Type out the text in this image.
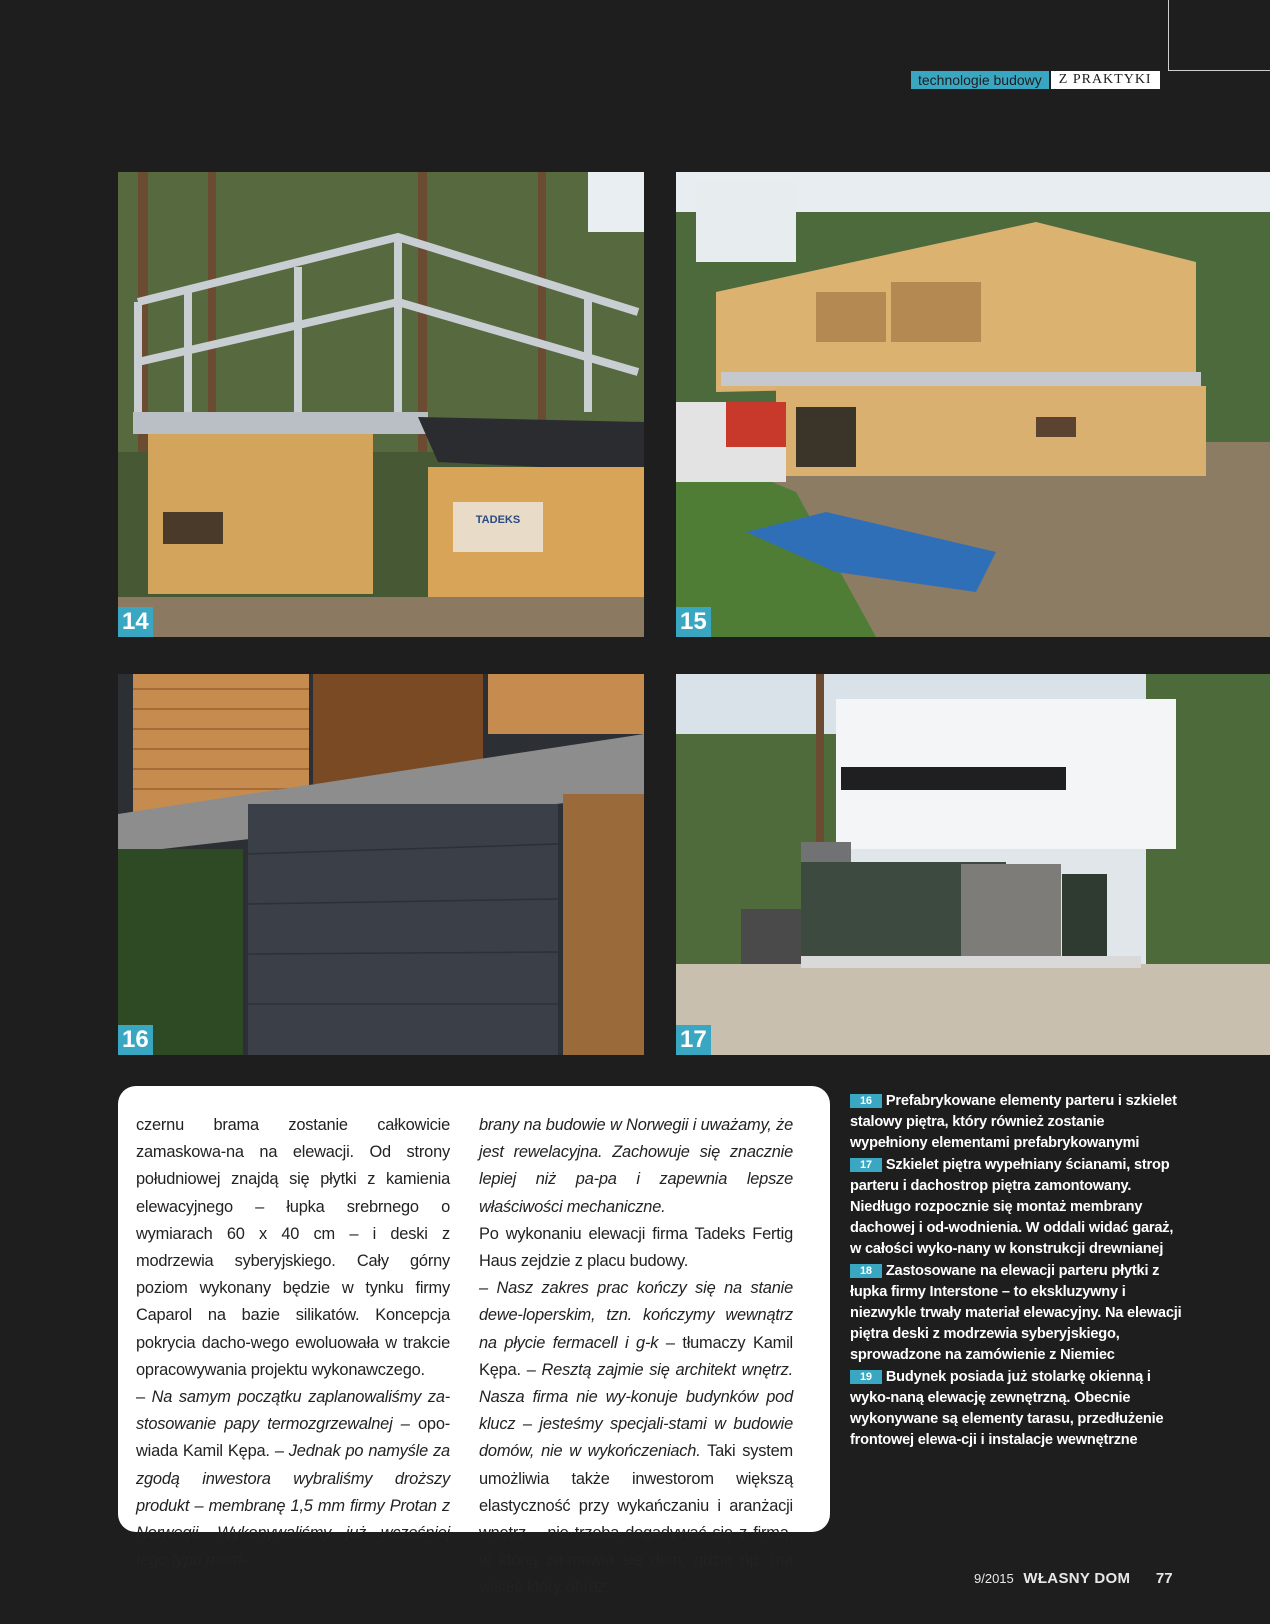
technologie budowy	Z PRAKTYKI
TADEKS
14	15
16	17

czernu brama zostanie całkowicie zamaskowa-na na elewacji. Od strony południowej znajdą się płytki z kamienia elewacyjnego – łupka srebrnego o wymiarach 60 x 40 cm – i deski z modrzewia syberyjskiego. Cały górny poziom wykonany będzie w tynku firmy Caparol na bazie silikatów. Koncepcja pokrycia dacho-wego ewoluowała w trakcie opracowywania projektu wykonawczego.

– Na samym początku zaplanowaliśmy za-stosowanie papy termozgrzewalnej – opo-wiada Kamil Kępa. – Jednak po namyśle za zgodą inwestora wybraliśmy droższy produkt – membranę 1,5 mm firmy Protan z Norwegii. Wykonywaliśmy już wcześniej tego typu mem-

brany na budowie w Norwegii i uważamy, że jest rewelacyjna. Zachowuje się znacznie lepiej niż pa-pa i zapewnia lepsze właściwości mechaniczne.

Po wykonaniu elewacji firma Tadeks Fertig Haus zejdzie z placu budowy.

– Nasz zakres prac kończy się na stanie dewe-loperskim, tzn. kończymy wewnątrz na płycie fermacell i g-k – tłumaczy Kamil Kępa. – Resztą zajmie się architekt wnętrz. Nasza firma nie wy-konuje budynków pod klucz – jesteśmy specjali-stami w budowie domów, nie w wykończeniach. Taki system umożliwia także inwestorom większą elastyczność przy wykańczaniu i aranżacji wnętrz – nie trzeba dogadywać się z firmą, w której za-mawia się dom, gdzie np. ma wisieć który obraz.

16 Prefabrykowane elementy parteru i szkielet stalowy piętra, który również zostanie wypełniony elementami prefabrykowanymi

17 Szkielet piętra wypełniany ścianami, strop parteru i dachostrop piętra zamontowany. Niedługo rozpocznie się montaż membrany dachowej i od-wodnienia. W oddali widać garaż, w całości wyko-nany w konstrukcji drewnianej

18 Zastosowane na elewacji parteru płytki z łupka firmy Interstone – to ekskluzywny i niezwykle trwały materiał elewacyjny. Na elewacji piętra deski z modrzewia syberyjskiego, sprowadzone na zamówienie z Niemiec

19 Budynek posiada już stolarkę okienną i wyko-naną elewację zewnętrzną. Obecnie wykonywane są elementy tarasu, przedłużenie frontowej elewa-cji i instalacje wewnętrzne

9/2015 WŁASNY DOM 77
